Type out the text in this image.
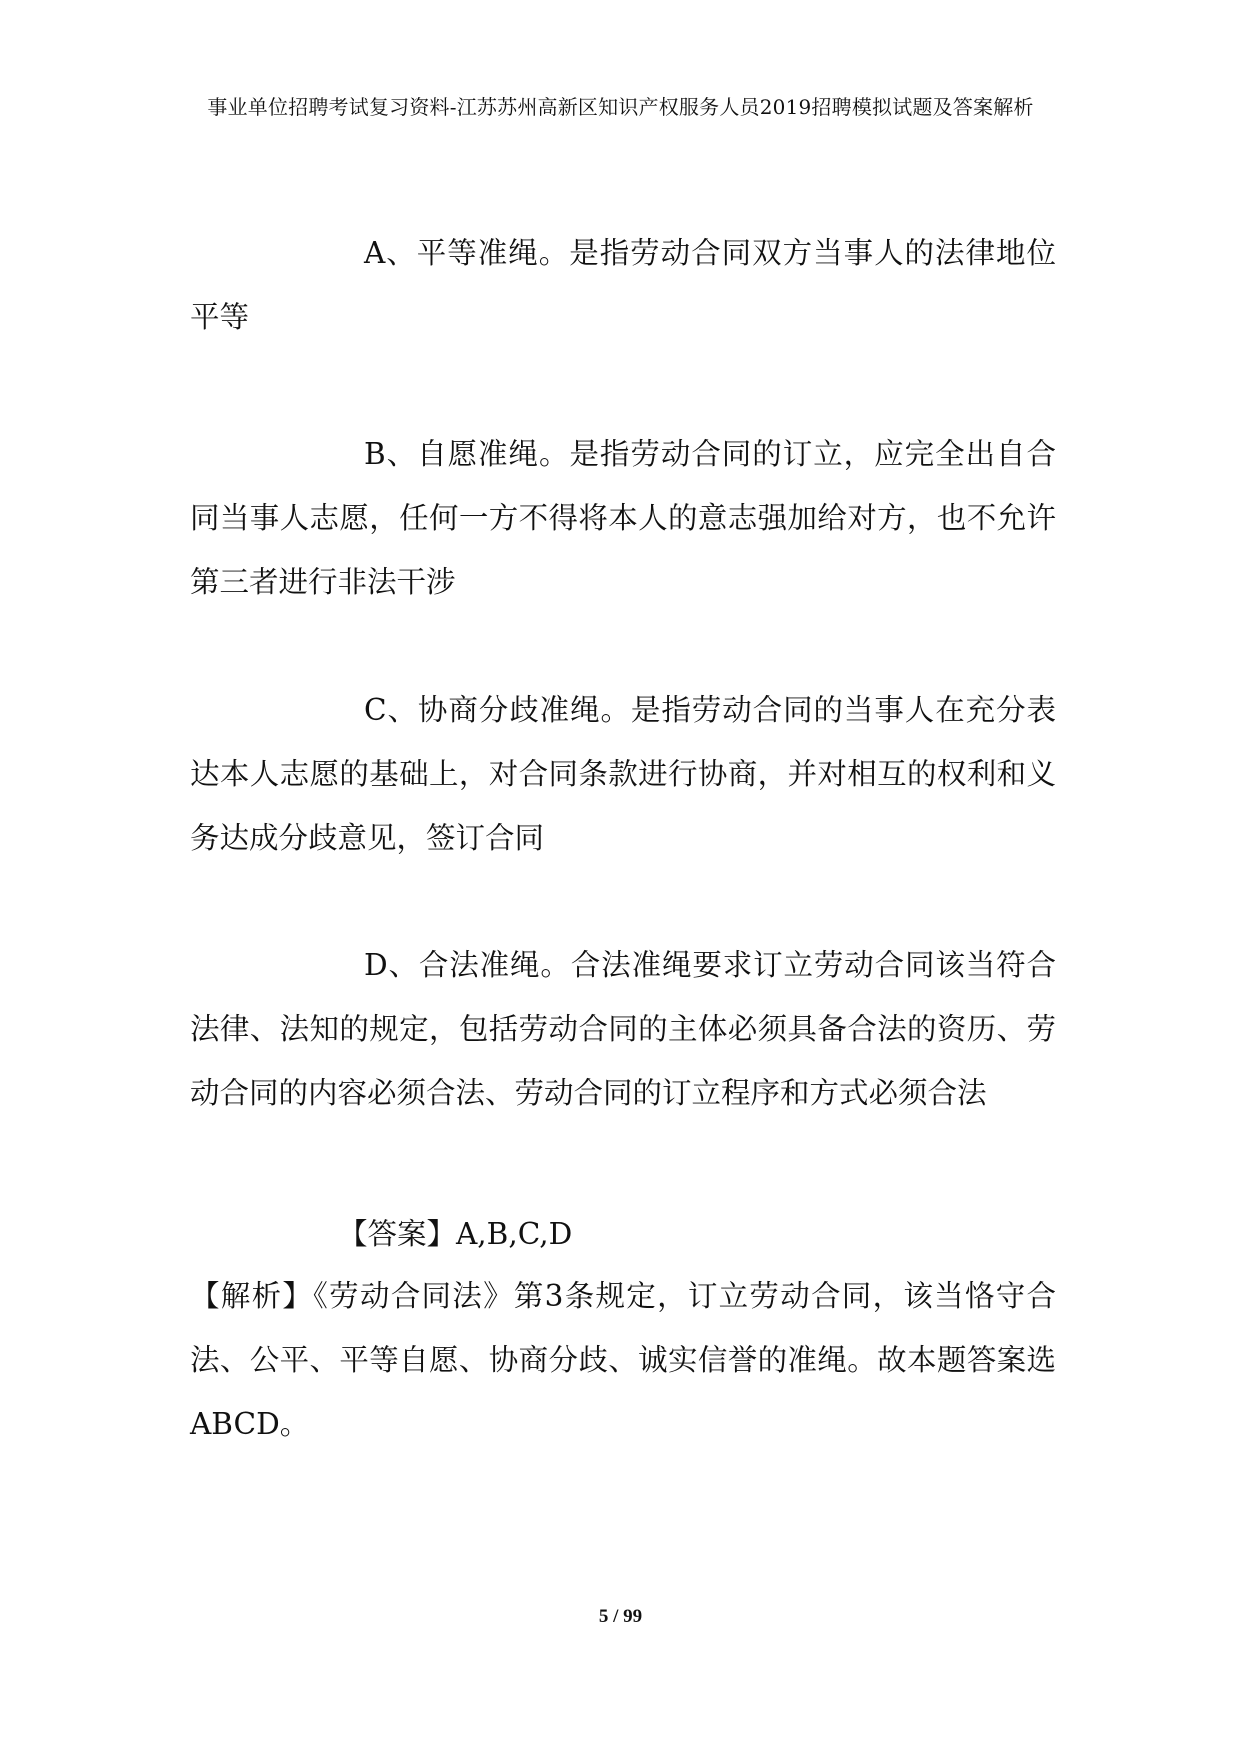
事业单位招聘考试复习资料-江苏苏州高新区知识产权服务人员2019招聘模拟试题及答案解析

A、平等准绳。是指劳动合同双方当事人的法律地位平等

B、自愿准绳。是指劳动合同的订立，应完全出自合同当事人志愿，任何一方不得将本人的意志强加给对方，也不允许第三者进行非法干涉

C、协商分歧准绳。是指劳动合同的当事人在充分表达本人志愿的基础上，对合同条款进行协商，并对相互的权利和义务达成分歧意见，签订合同

D、合法准绳。合法准绳要求订立劳动合同该当符合法律、法知的规定，包括劳动合同的主体必须具备合法的资历、劳动合同的内容必须合法、劳动合同的订立程序和方式必须合法

【答案】A,B,C,D

【解析】《劳动合同法》第3条规定，订立劳动合同，该当恪守合法、公平、平等自愿、协商分歧、诚实信誉的准绳。故本题答案选ABCD。

5 / 99
